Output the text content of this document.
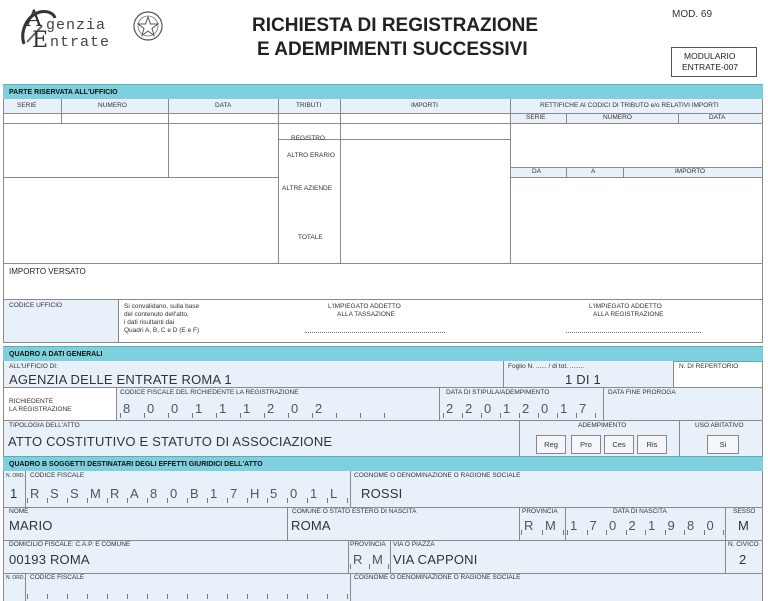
A genzia
E ntrate
RICHIESTA DI REGISTRAZIONE
E ADEMPIMENTI SUCCESSIVI
MOD. 69
MODULARIO
ENTRATE-007
PARTE RISERVATA ALL'UFFICIO
SERIE	NUMERO	DATA	TRIBUTI	IMPORTI	RETTIFICHE AI CODICI DI TRIBUTO e/o RELATIVI IMPORTI
SERIE	NUMERO	DATA
REGISTRO
ALTRO ERARIO
ALTRE AZIENDE
TOTALE
DA	A	IMPORTO
IMPORTO VERSATO
CODICE UFFICIO	Si convalidano, sulla base
del contenuto dell'atto,
i dati risultanti dai
Quadri A, B, C e D (E e F)
L'IMPIEGATO ADDETTO
ALLA TASSAZIONE
L'IMPIEGATO ADDETTO
ALLA REGISTRAZIONE
QUADRO A DATI GENERALI
ALL'UFFICIO DI:
AGENZIA DELLE ENTRATE ROMA 1
Foglio N. ...... / di tot. ........
1 DI 1
N. DI REPERTORIO
RICHIEDENTE
LA REGISTRAZIONE
CODICE FISCALE DEL RICHIEDENTE LA REGISTRAZIONE
8 0 0 1 1 1 2 0 2
DATA DI STIPULA/ADEMPIMENTO
2 2 0 1 2 0 1 7
DATA FINE PROROGA
TIPOLOGIA DELL'ATTO
ATTO COSTITUTIVO E STATUTO DI ASSOCIAZIONE
ADEMPIMENTO
Reg	Pro	Ces	Ris
USO ABITATIVO
Si
QUADRO B SOGGETTI DESTINATARI DEGLI EFFETTI GIURIDICI DELL'ATTO
N. ORD. CODICE FISCALE	COGNOME O DENOMINAZIONE O RAGIONE SOCIALE
1 R S S M R A 8 0 B 1 7 H 5 0 1 L ROSSI
NOME
MARIO
COMUNE O STATO ESTERO DI NASCITA
ROMA
PROVINCIA
R M
DATA DI NASCITA
1 7 0 2 1 9 8 0
SESSO
M
DOMICILIO FISCALE: C.A.P. E COMUNE
00193 ROMA
PROVINCIA
R M
VIA O PIAZZA
VIA CAPPONI
N. CIVICO
2
N. ORD. CODICE FISCALE	COGNOME O DENOMINAZIONE O RAGIONE SOCIALE
